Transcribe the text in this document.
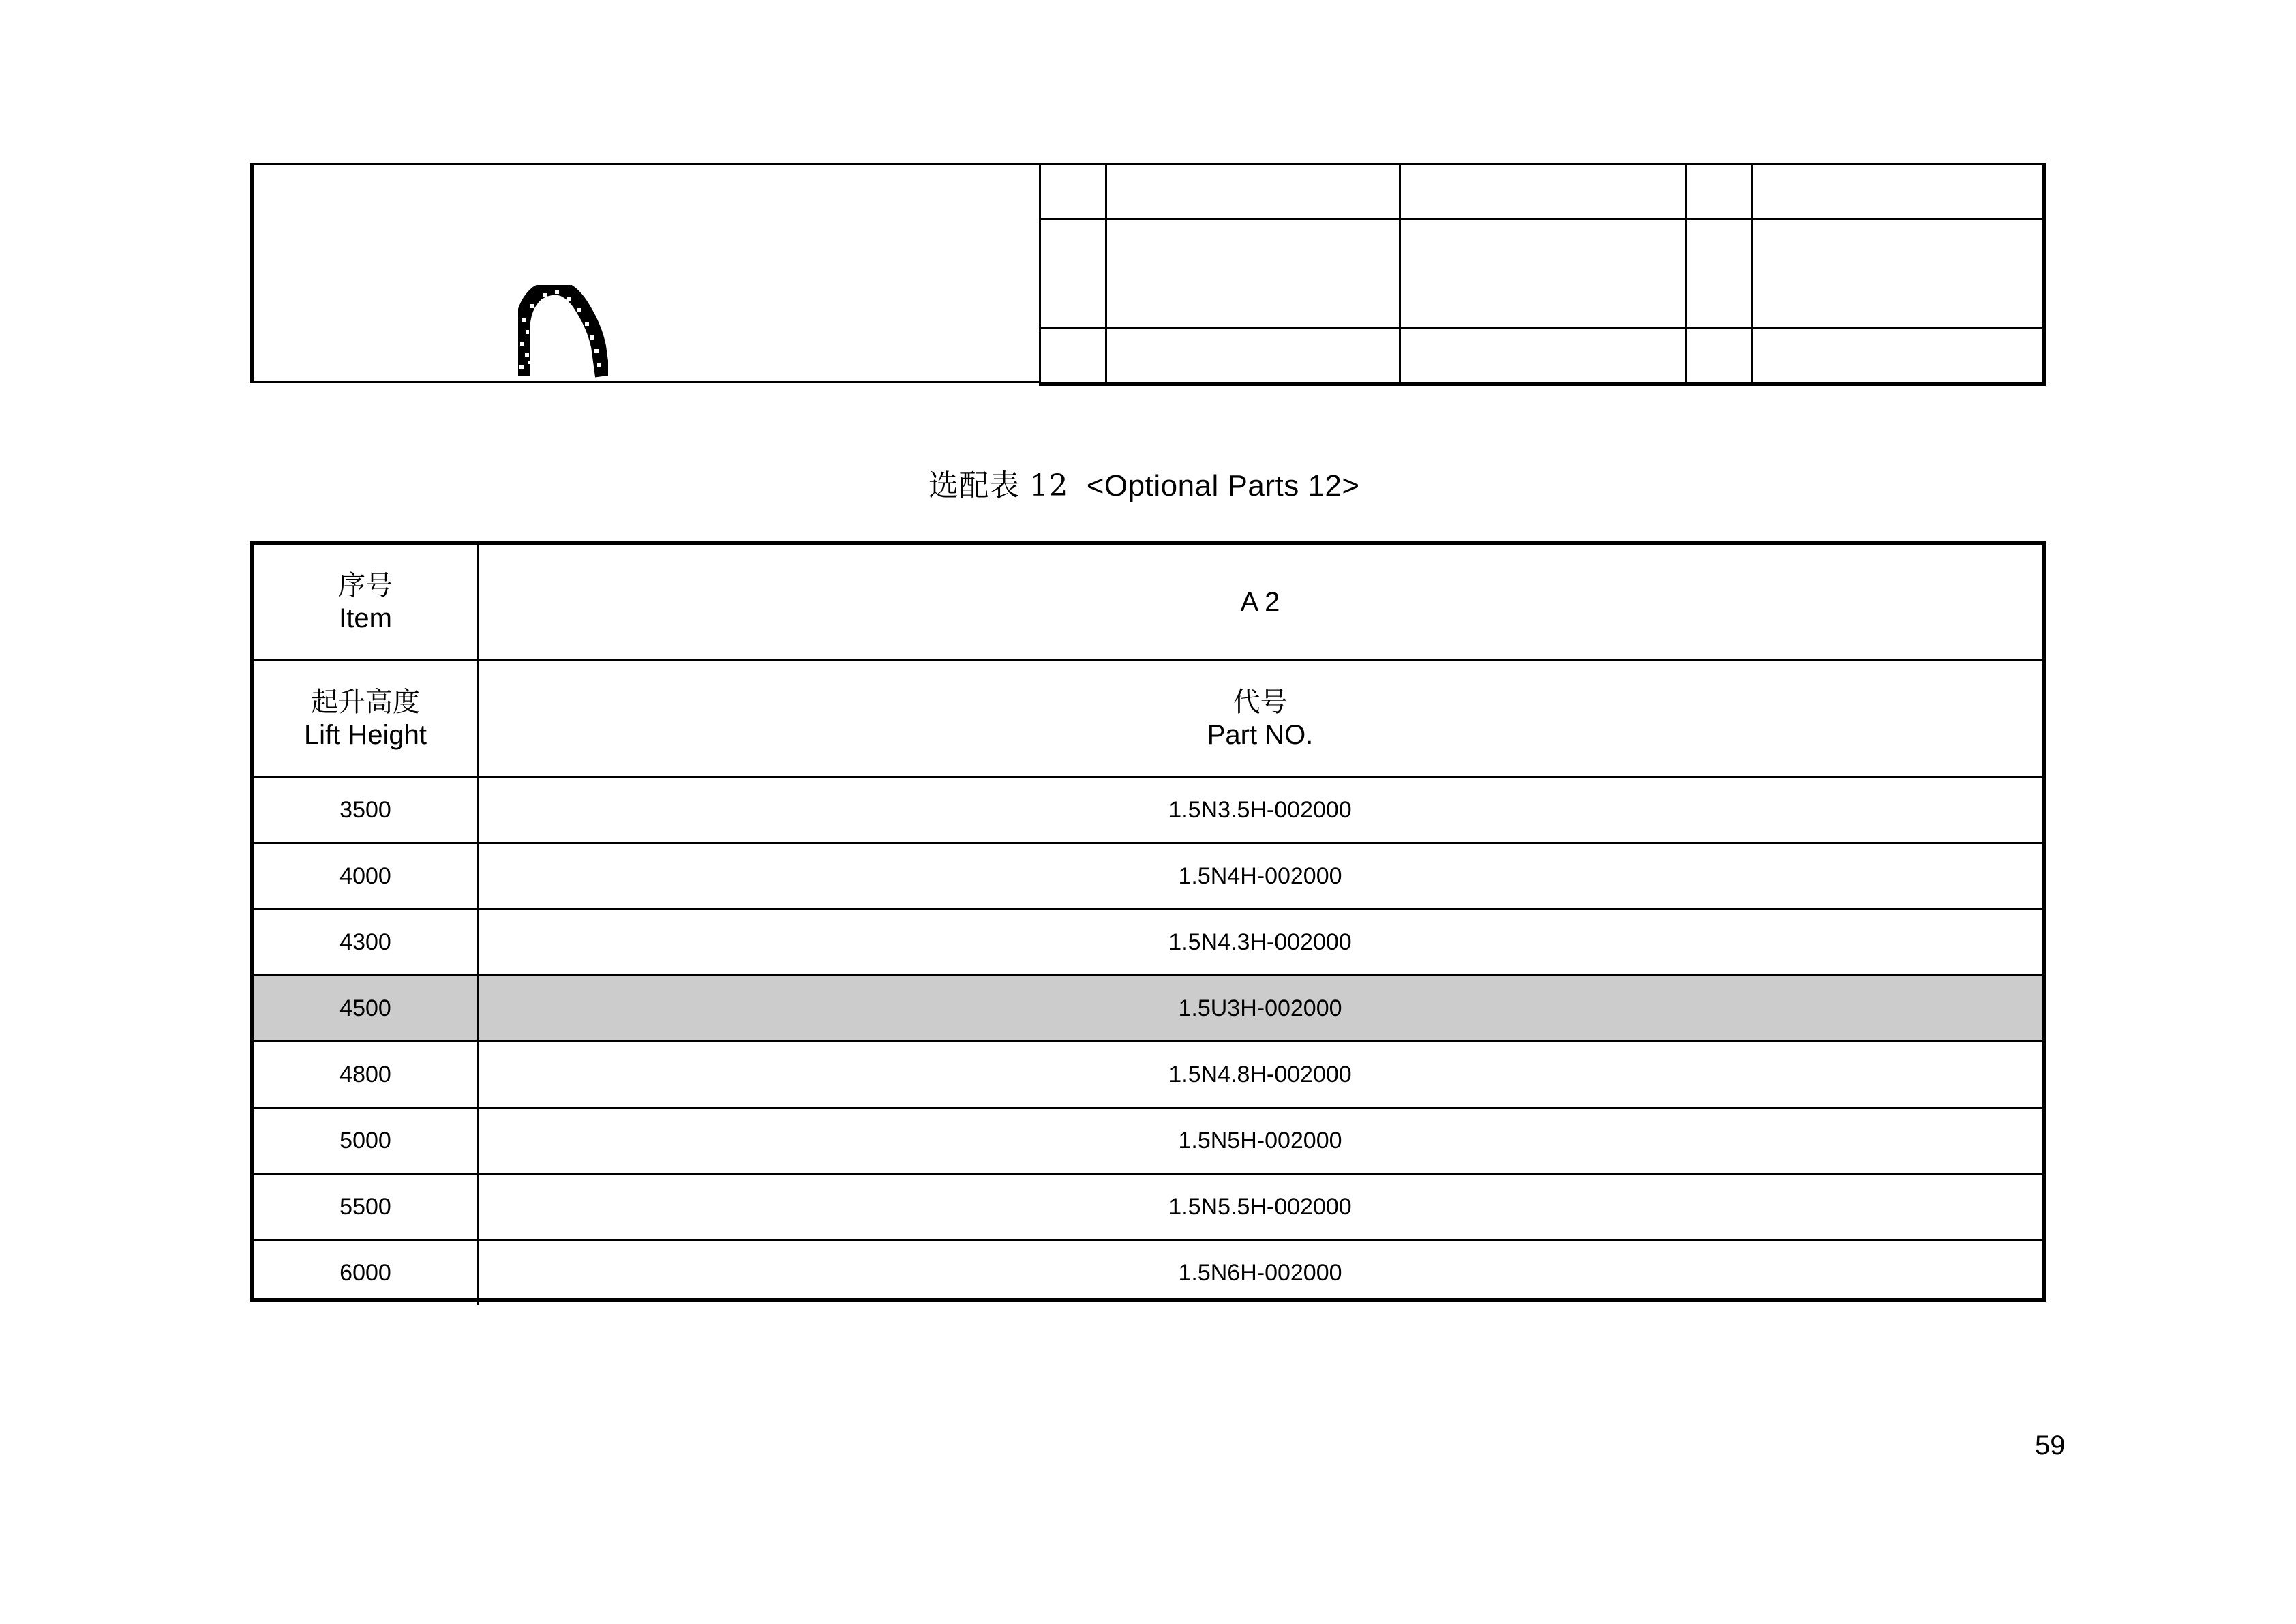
选配表 12 <Optional Parts 12>
序号
Item	A 2

起升高度
Lift Height	代号
Part NO.

3500	1.5N3.5H-002000
4000	1.5N4H-002000
4300	1.5N4.3H-002000
4500	1.5U3H-002000
4800	1.5N4.8H-002000
5000	1.5N5H-002000
5500	1.5N5.5H-002000
6000	1.5N6H-002000
59
